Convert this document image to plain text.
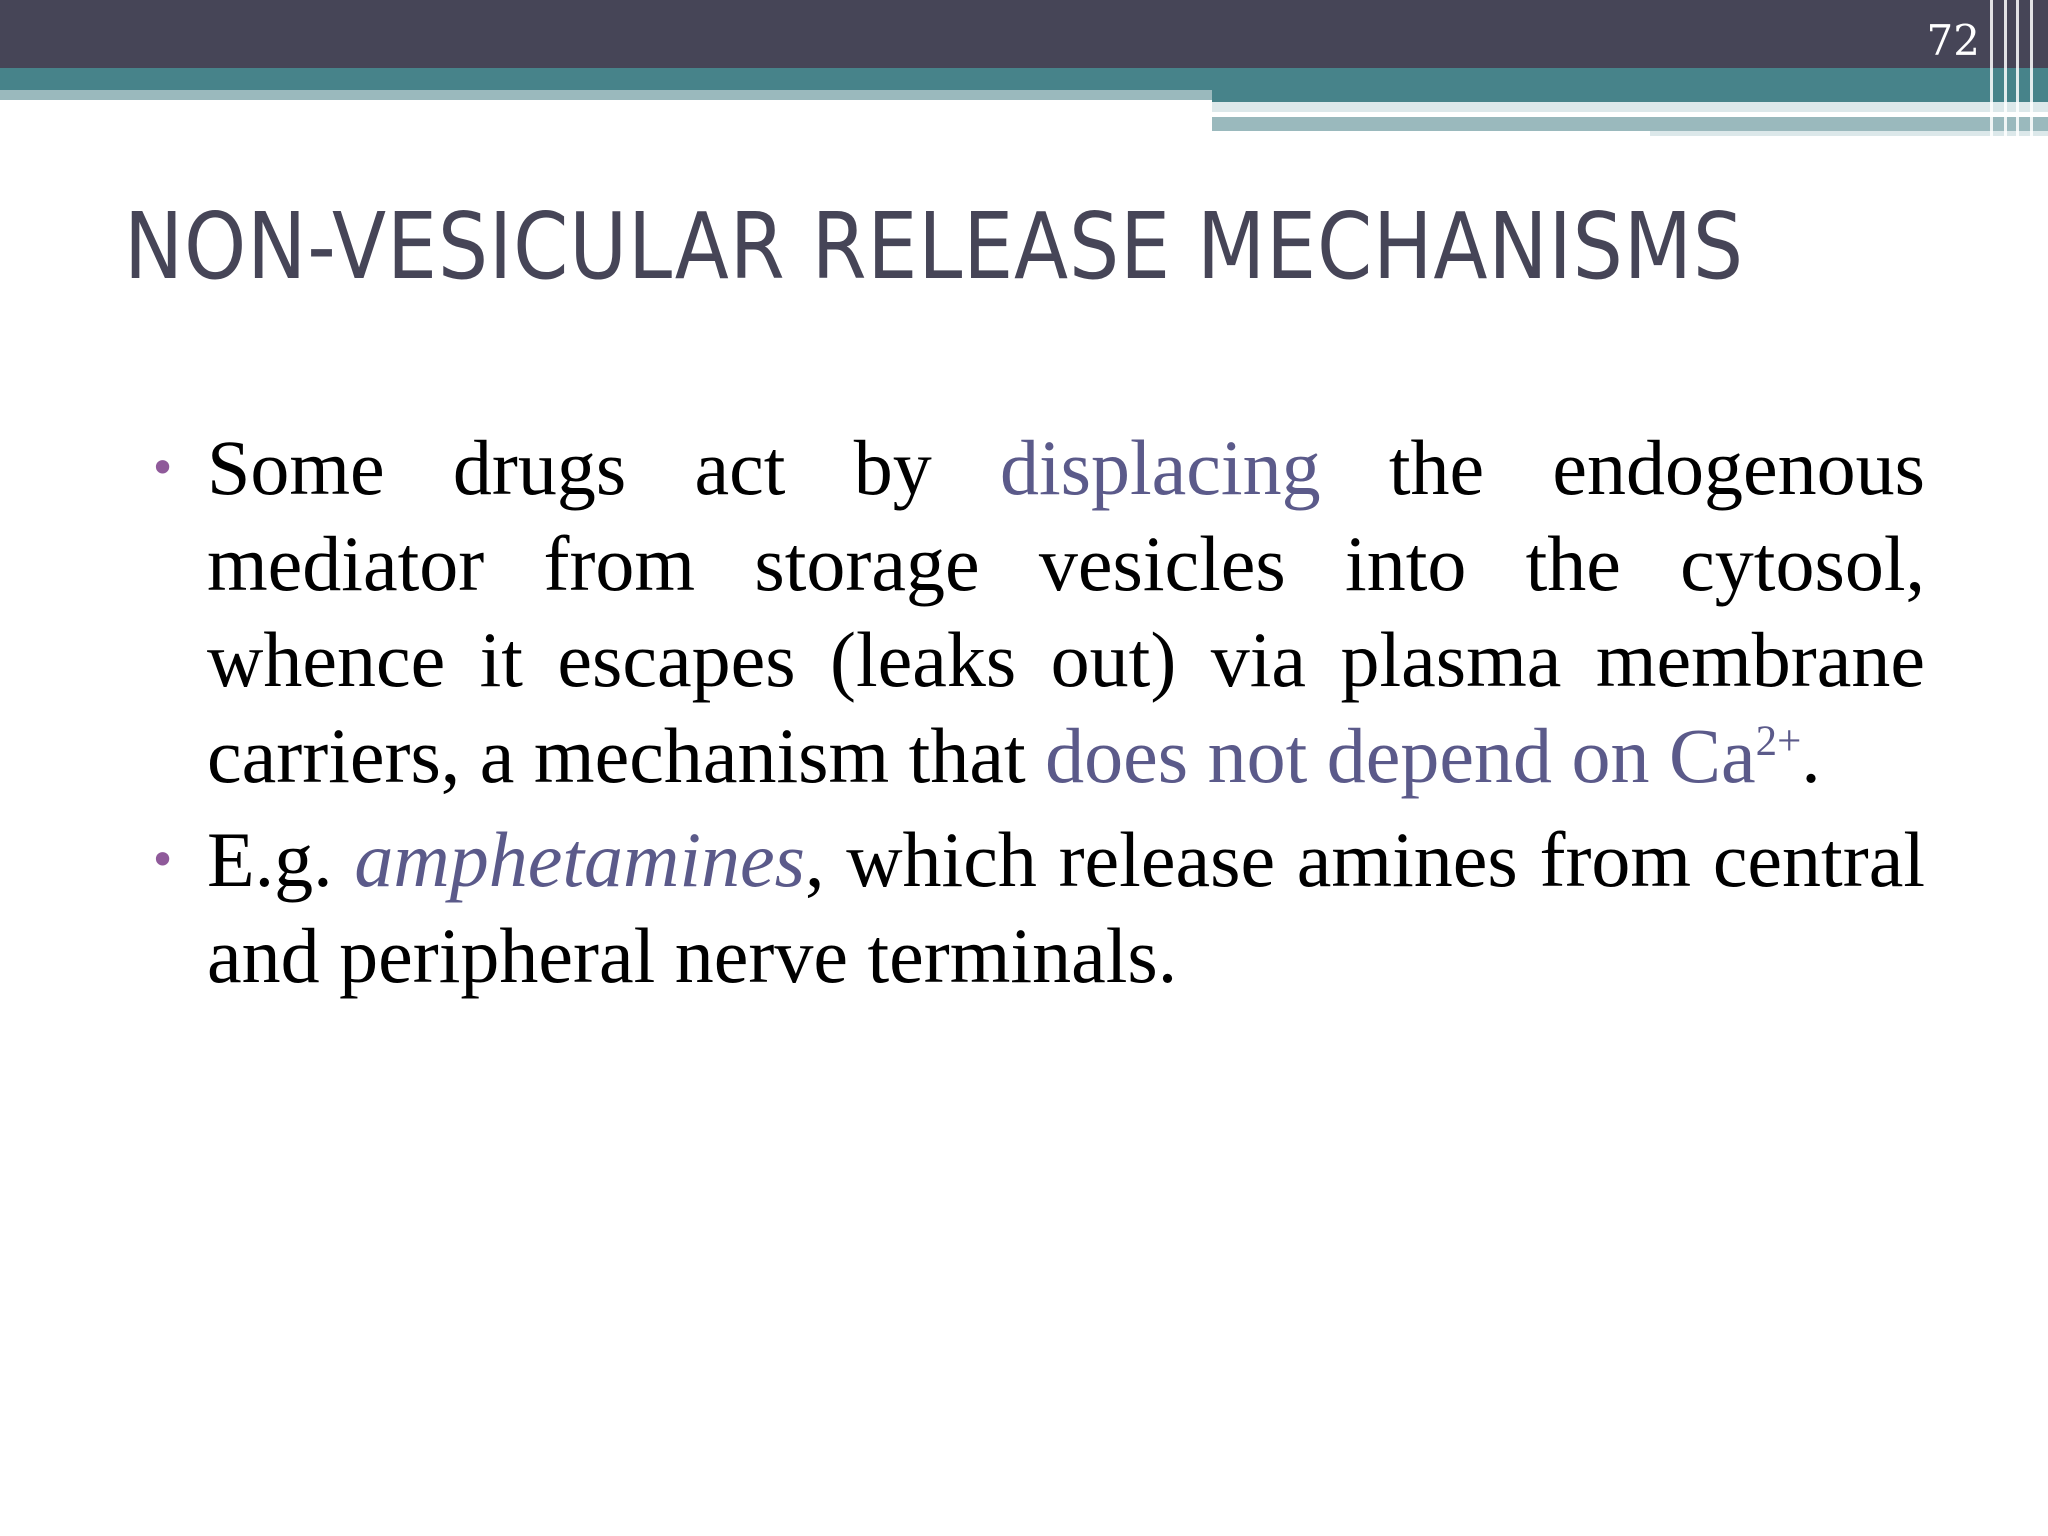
72
NON-VESICULAR RELEASE MECHANISMS
• Some drugs act by displacing the endogenous mediator from storage vesicles into the cytosol, whence it escapes (leaks out) via plasma membrane carriers, a mechanism that does not depend on $Ca^{2+}$.
• E.g. amphetamines, which release amines from central and peripheral nerve terminals.
